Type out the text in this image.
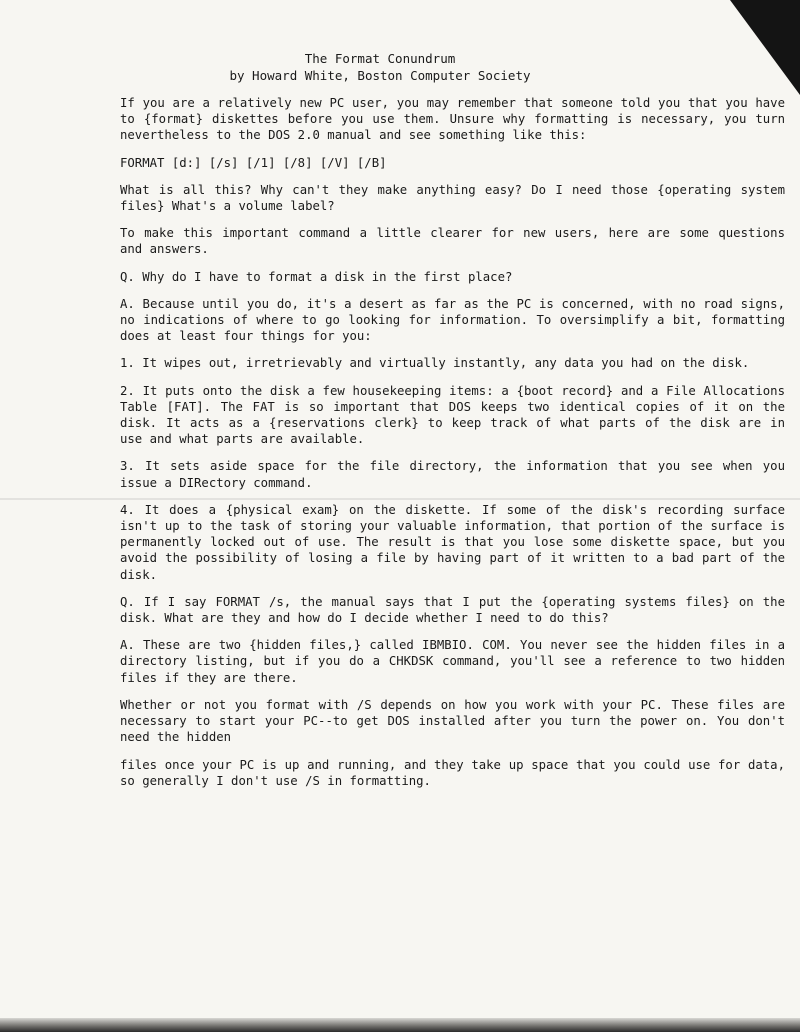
The Format Conundrum
by Howard White, Boston Computer Society

If you are a relatively new PC user, you may remember that someone told you that you have to {format} diskettes before you use them. Unsure why formatting is necessary, you turn nevertheless to the DOS 2.0 manual and see something like this:

FORMAT [d:] [/s] [/1] [/8] [/V] [/B]

What is all this? Why can't they make anything easy? Do I need those {operating system files} What's a volume label?

To make this important command a little clearer for new users, here are some questions and answers.

Q. Why do I have to format a disk in the first place?

A. Because until you do, it's a desert as far as the PC is concerned, with no road signs, no indications of where to go looking for information. To oversimplify a bit, formatting does at least four things for you:

1. It wipes out, irretrievably and virtually instantly, any data you had on the disk.

2. It puts onto the disk a few housekeeping items: a {boot record} and a File Allocations Table [FAT]. The FAT is so important that DOS keeps two identical copies of it on the disk. It acts as a {reservations clerk} to keep track of what parts of the disk are in use and what parts are available.

3. It sets aside space for the file directory, the information that you see when you issue a DIRectory command.

4. It does a {physical exam} on the diskette. If some of the disk's recording surface isn't up to the task of storing your valuable information, that portion of the surface is permanently locked out of use. The result is that you lose some diskette space, but you avoid the possibility of losing a file by having part of it written to a bad part of the disk.

Q. If I say FORMAT /s, the manual says that I put the {operating systems files} on the disk. What are they and how do I decide whether I need to do this?

A. These are two {hidden files,} called IBMBIO. COM. You never see the hidden files in a directory listing, but if you do a CHKDSK command, you'll see a reference to two hidden files if they are there.

Whether or not you format with /S depends on how you work with your PC. These files are necessary to start your PC--to get DOS installed after you turn the power on. You don't need the hidden

files once your PC is up and running, and they take up space that you could use for data, so generally I don't use /S in formatting.
